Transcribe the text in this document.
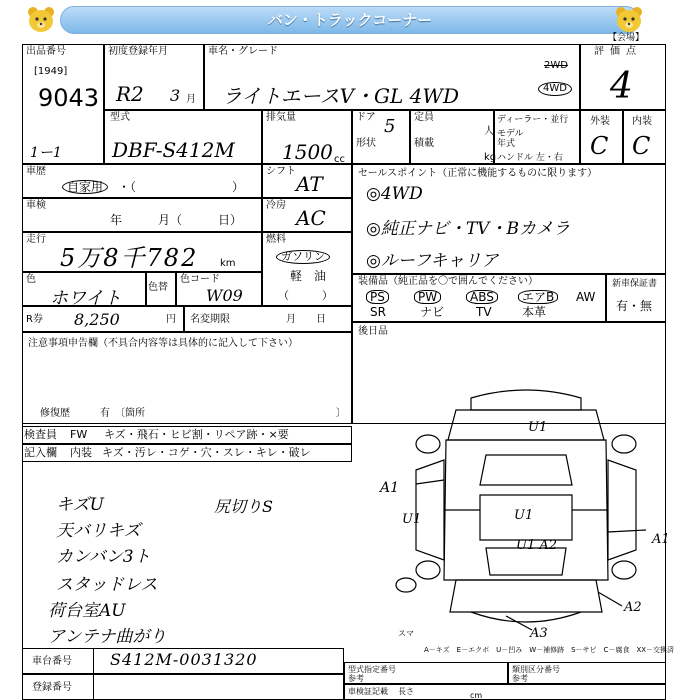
バン・トラックコーナー
【会場】
出品番号
[1949]
9043
初度登録年月
R2 3 月
車名・グレード
ライトエースV・GL 4WD
2WD
4WD
評価点
4
型式
1ー1	DBF-S412M
排気量
1500 cc
ドア 5
形状
定員
人
積載
kg
ディーラー・並行
モデル
年式
ハンドル 左・右
外装 内装
C C
車歴
自家用	・（　　　　　　　　）
シフト
AT
車検
年　　　月（　　　日）
冷房
AC
走行
5万8千782 km
燃料
ガソリン
軽　油
（　　　）
色
ホワイト
色替
色コード
W09
R券 8,250	円 名変期限	月　　日
注意事項申告欄（不具合内容等は具体的に記入して下さい）
修復歴	有　〔箇所	〕
セールスポイント（正常に機能するものに限ります）
◎4WD
◎純正ナビ・TV・Bカメラ
◎ルーフキャリア
装備品（純正品を〇で囲んでください）
PS	PW	ABS	エアB	AW
SR	ナビ	TV	本革
新車保証書
有・無
後日品
検査員 FW キズ・飛石・ヒビ割・リペア跡・×要
記入欄 内装 キズ・汚レ・コゲ・穴・スレ・キレ・破レ
キズU
天バリキズ
カンバン3ト
スタッドレス
荷台室AU
アンテナ曲がり
尻切りS
U1
A1
U1	U1
U1 A2	A1
A2
A3
スマ
A－キズ　E－エクボ　U－凹み　W－補修跡　S－サビ　C－腐食　XX－交換済
車台番号 S412M-0031320
登録番号
型式指定番号
参考
類別区分番号
参考
車検証記載 長さ	cm
